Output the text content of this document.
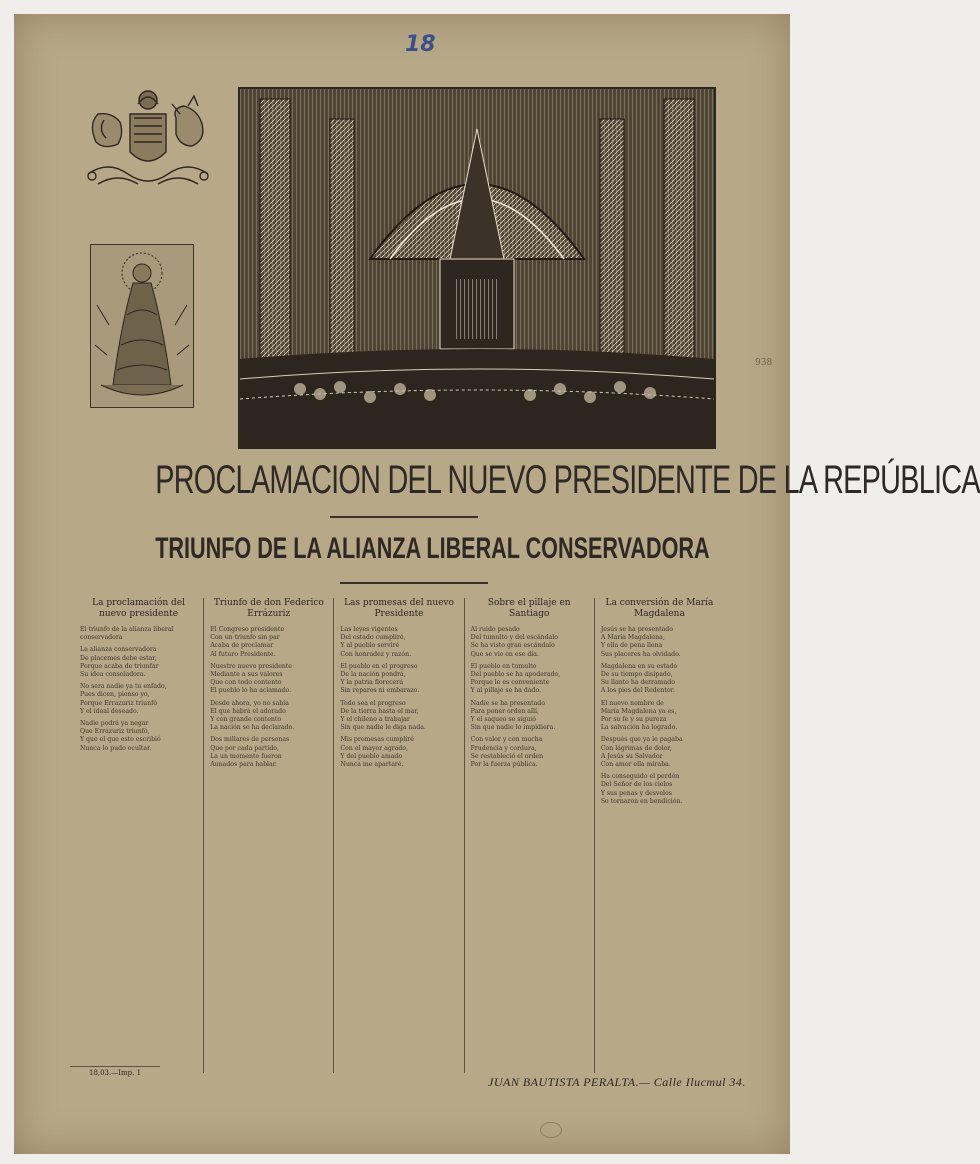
18
938
PROCLAMACION DEL NUEVO PRESIDENTE DE LA REPÚBLICA
TRIUNFO DE LA ALIANZA LIBERAL CONSERVADORA
La proclamación del nuevo presidente

El triunfo de la alianza liberal conservadora

La alianza conservadora
De placemes debe estar,
Porque acaba de triunfar
Su idea consoladora.

No sera nadie ya tu enfado,
Pues dicen, pienso yo,
Porque Errazuriz triunfó
Y el ideal deseado.

Nadie podrá ya negar
Que Errázuriz triunfó,
Y que el que esto escribió
Nunca lo pudo ocultar.

Triunfo de don Federico Errázuriz

El Congreso presidente
Con un triunfo sin par
Acaba de proclamar
Al futuro Presidente.

Nuestro nuevo presidente
Mediante a sus valores
Que con todo contento
El pueblo lo ha aclamado.

Desde ahora, yo no sabía
El que habrá el adorado
Y con grande contento
La nación se ha declarado.

Dos millares de personas
Que por cada partido,
La un momento fueron
Aunados para hablar.

Las promesas del nuevo Presidente

Las leyes vigentes
Del estado cumpliré,
Y al pueblo serviré
Con honradez y razón.

El pueblo en el progreso
De la nación pondrá,
Y la patria florecerá
Sin reparos ni embarazo.

Todo sea el progreso
De la tierra hasta el mar,
Y el chileno a trabajar
Sin que nadie le diga nada.

Mis promesas cumpliré
Con el mayor agrado,
Y del pueblo amado
Nunca me apartaré.

Sobre el pillaje en Santiago

Al ruido pesado
Del tumulto y del escándalo
Se ha visto gran escándalo
Que se vio en ese día.

El pueblo en tumulto
Del pueblo se ha apoderado,
Porque le es conveniente
Y al pillaje se ha dado.

Nadie se ha presentado
Para poner orden allí,
Y el saqueo se siguió
Sin que nadie lo impidiera.

Con valor y con mucha
Prudencia y cordura,
Se restableció el orden
Por la fuerza pública.

La conversión de María Magdalena

Jesús se ha presentado
A María Magdalena,
Y ella de pena llena
Sus placeres ha olvidado.

Magdalena en su estado
De su tiempo disipado,
Su llanto ha derramado
A los pies del Redentor.

El nuevo nombre de
María Magdalena ya es,
Por su fe y su pureza
La salvación ha logrado.

Después que ya le pagaba
Con lágrimas de dolor,
A Jesús su Salvador
Con amor ella miraba.

Ha conseguido el perdón
Del Señor de los cielos
Y sus penas y desvelos
Se tornaron en bendición.

18,03.—Imp. 1
JUAN BAUTISTA PERALTA.— Calle Ilucmul 34.
